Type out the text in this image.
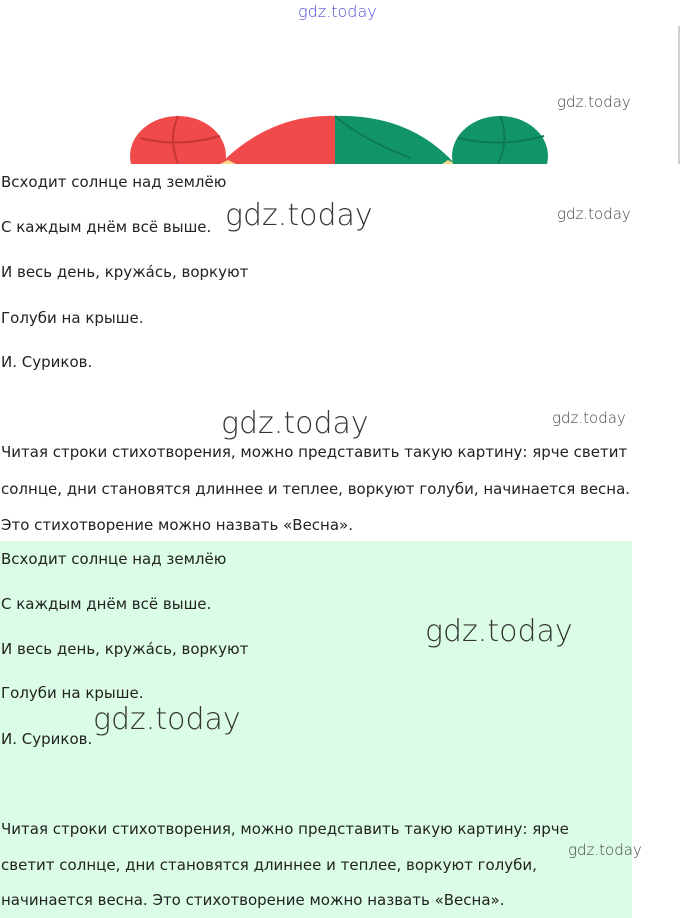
gdz.today
gdz.today
Всходит солнце над землёю
С каждым днём всё выше.
И весь день, кружáсь, воркуют
Голуби на крыше.
И. Суриков.
gdz.today	gdz.today
gdz.today	gdz.today
Читая строки стихотворения, можно представить такую картину: ярче светит
солнце, дни становятся длиннее и теплее, воркуют голуби, начинается весна.
Это стихотворение можно назвать «Весна».
Всходит солнце над землёю
С каждым днём всё выше.
И весь день, кружáсь, воркуют
Голуби на крыше.
И. Суриков.
gdz.today
gdz.today
Читая строки стихотворения, можно представить такую картину: ярче
светит солнце, дни становятся длиннее и теплее, воркуют голуби,
начинается весна. Это стихотворение можно назвать «Весна».
gdz.today
